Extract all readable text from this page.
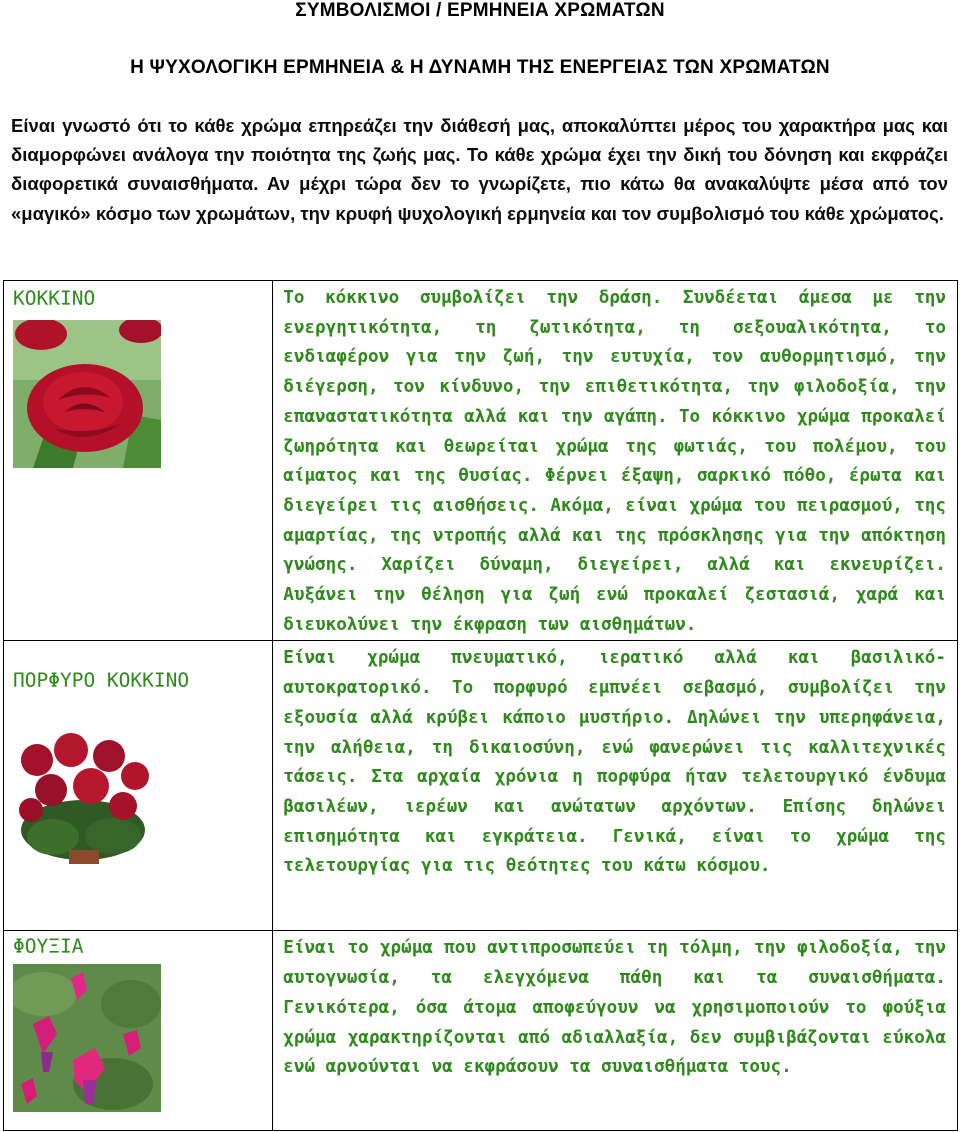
ΣΥΜΒΟΛΙΣΜΟΙ / ΕΡΜΗΝΕΙΑ ΧΡΩΜΑΤΩΝ
Η ΨΥΧΟΛΟΓΙΚΗ ΕΡΜΗΝΕΙΑ & Η ΔΥΝΑΜΗ ΤΗΣ ΕΝΕΡΓΕΙΑΣ ΤΩΝ ΧΡΩΜΑΤΩΝ
Είναι γνωστό ότι το κάθε χρώμα επηρεάζει την διάθεσή μας, αποκαλύπτει μέρος του χαρακτήρα μας και διαμορφώνει ανάλογα την ποιότητα της ζωής μας. Το κάθε χρώμα έχει την δική του δόνηση και εκφράζει διαφορετικά συναισθήματα. Αν μέχρι τώρα δεν το γνωρίζετε, πιο κάτω θα ανακαλύψτε μέσα από τον «μαγικό» κόσμο των χρωμάτων, την κρυφή ψυχολογική ερμηνεία και τον συμβολισμό του κάθε χρώματος.
ΚΟΚΚΙΝΟ	Το κόκκινο συμβολίζει την δράση. Συνδέεται άμεσα με την ενεργητικότητα, τη ζωτικότητα, τη σεξουαλικότητα, το ενδιαφέρον για την ζωή, την ευτυχία, τον αυθορμητισμό, την διέγερση, τον κίνδυνο, την επιθετικότητα, την φιλοδοξία, την επαναστατικότητα αλλά και την αγάπη. Το κόκκινο χρώμα προκαλεί ζωηρότητα και θεωρείται χρώμα της φωτιάς, του πολέμου, του αίματος και της θυσίας. Φέρνει έξαψη, σαρκικό πόθο, έρωτα και διεγείρει τις αισθήσεις. Ακόμα, είναι χρώμα του πειρασμού, της αμαρτίας, της ντροπής αλλά και της πρόσκλησης για την απόκτηση γνώσης. Χαρίζει δύναμη, διεγείρει, αλλά και εκνευρίζει. Αυξάνει την θέληση για ζωή ενώ προκαλεί ζεστασιά, χαρά και διευκολύνει την έκφραση των αισθημάτων.

ΠΟΡΦΥΡΟ ΚΟΚΚΙΝΟ	Είναι χρώμα πνευματικό, ιερατικό αλλά και βασιλικό-αυτοκρατορικό. Το πορφυρό εμπνέει σεβασμό, συμβολίζει την εξουσία αλλά κρύβει κάποιο μυστήριο. Δηλώνει την υπερηφάνεια, την αλήθεια, τη δικαιοσύνη, ενώ φανερώνει τις καλλιτεχνικές τάσεις. Στα αρχαία χρόνια η πορφύρα ήταν τελετουργικό ένδυμα βασιλέων, ιερέων και ανώτατων αρχόντων. Επίσης δηλώνει επισημότητα και εγκράτεια. Γενικά, είναι το χρώμα της τελετουργίας για τις θεότητες του κάτω κόσμου.

ΦΟΥΞΙΑ	Είναι το χρώμα που αντιπροσωπεύει τη τόλμη, την φιλοδοξία, την αυτογνωσία, τα ελεγχόμενα πάθη και τα συναισθήματα. Γενικότερα, όσα άτομα αποφεύγουν να χρησιμοποιούν το φούξια χρώμα χαρακτηρίζονται από αδιαλλαξία, δεν συμβιβάζονται εύκολα ενώ αρνούνται να εκφράσουν τα συναισθήματα τους.
